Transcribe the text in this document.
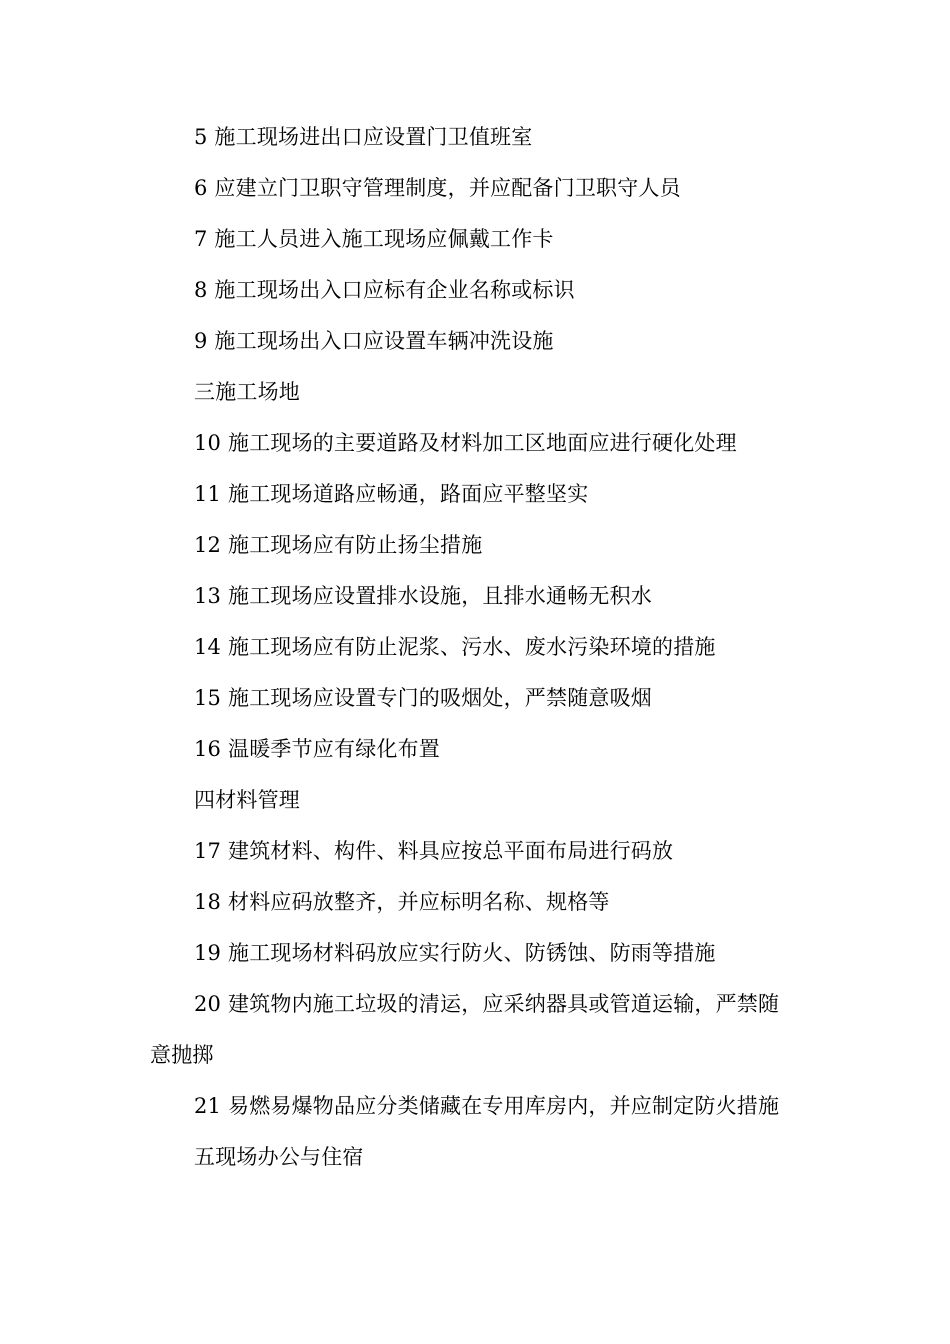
5 施工现场进出口应设置门卫值班室
6 应建立门卫职守管理制度，并应配备门卫职守人员
7 施工人员进入施工现场应佩戴工作卡
8 施工现场出入口应标有企业名称或标识
9 施工现场出入口应设置车辆冲洗设施
三施工场地
10 施工现场的主要道路及材料加工区地面应进行硬化处理
11 施工现场道路应畅通，路面应平整坚实
12 施工现场应有防止扬尘措施
13 施工现场应设置排水设施，且排水通畅无积水
14 施工现场应有防止泥浆、污水、废水污染环境的措施
15 施工现场应设置专门的吸烟处，严禁随意吸烟
16 温暖季节应有绿化布置
四材料管理
17 建筑材料、构件、料具应按总平面布局进行码放
18 材料应码放整齐，并应标明名称、规格等
19 施工现场材料码放应实行防火、防锈蚀、防雨等措施
20 建筑物内施工垃圾的清运，应采纳器具或管道运输，严禁随
意抛掷
21 易燃易爆物品应分类储藏在专用库房内，并应制定防火措施
五现场办公与住宿
